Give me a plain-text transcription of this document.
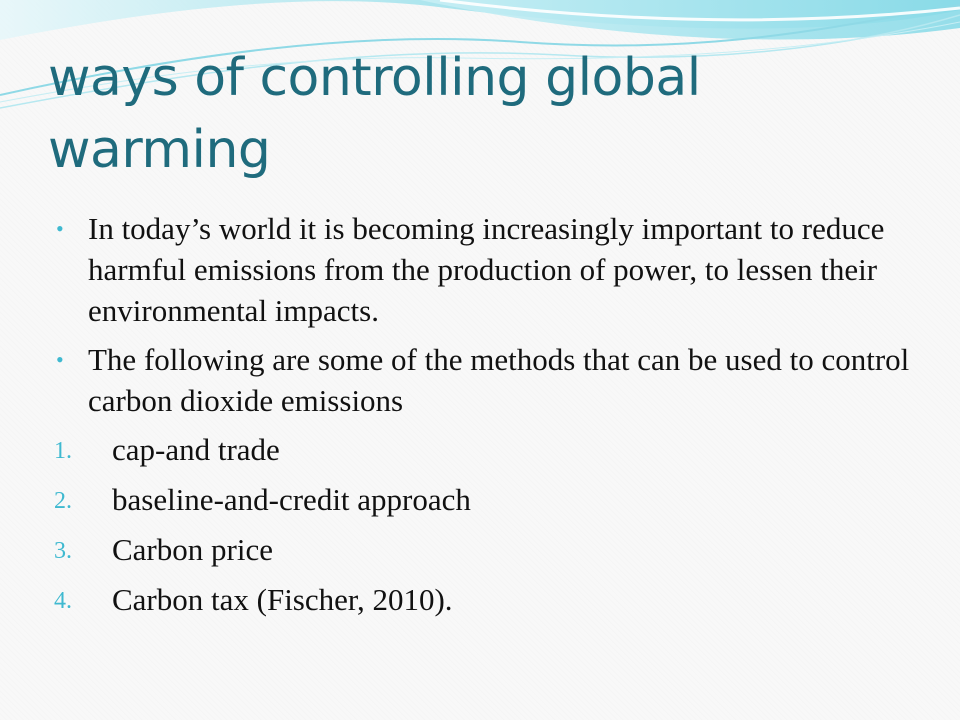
ways of controlling global warming
• In today’s world it is becoming increasingly important to reduce harmful emissions from the production of power, to lessen their environmental impacts.
• The following are some of the methods that can be used to control carbon dioxide emissions
1. cap-and trade
2. baseline-and-credit approach
3. Carbon price
4. Carbon tax (Fischer, 2010).
